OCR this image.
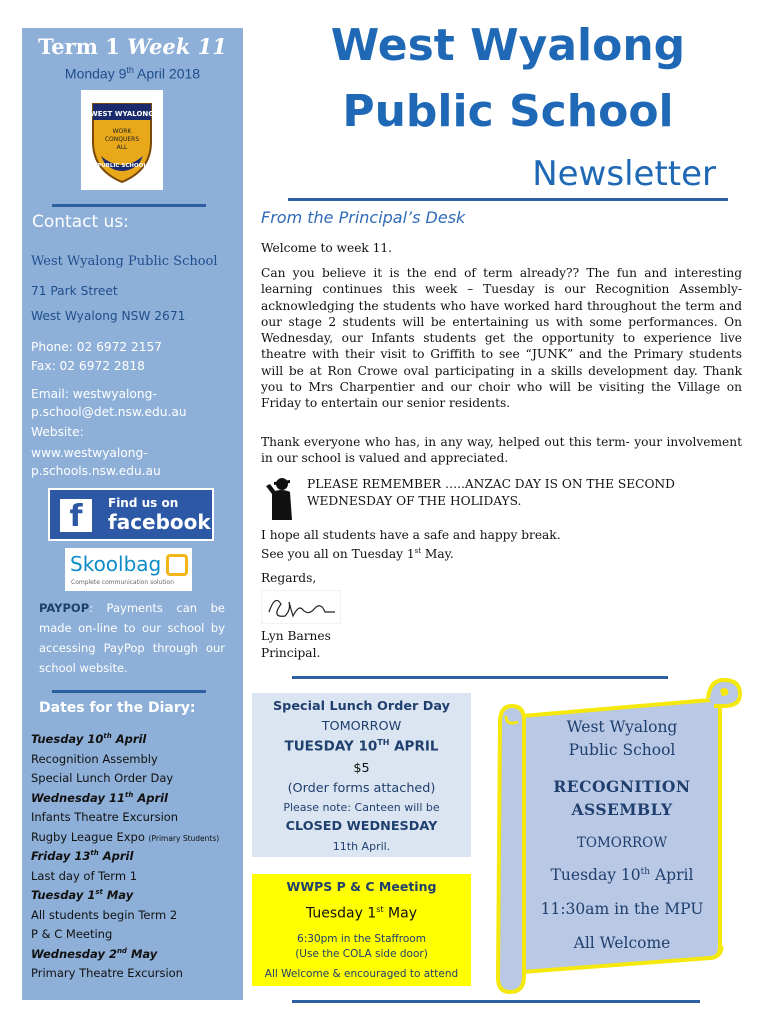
Term 1 Week 11
Monday 9th April 2018
WEST WYALONG
WORK
CONQUERS
ALL
PUBLIC SCHOOL
Contact us:
West Wyalong Public School
71 Park Street
West Wyalong NSW 2671
Phone: 02 6972 2157
Fax: 02 6972 2818
Email: westwyalong-
p.school@det.nsw.edu.au
Website:
www.westwyalong-
p.schools.nsw.edu.au
f	Find us on
facebook
Skoolbag
Complete communication solution
PAYPOP: Payments can be made on-line to our school by accessing PayPop through our school website.
Dates for the Diary:
Tuesday 10th April
Recognition Assembly
Special Lunch Order Day
Wednesday 11th April
Infants Theatre Excursion
Rugby League Expo (Primary Students)
Friday 13th April
Last day of Term 1
Tuesday 1st May
All students begin Term 2
P & C Meeting
Wednesday 2nd May
Primary Theatre Excursion
West Wyalong
Public School
Newsletter
From the Principal’s Desk
Welcome to week 11.
Can you believe it is the end of term already?? The fun and interesting learning continues this week – Tuesday is our Recognition Assembly- acknowledging the students who have worked hard throughout the term and our stage 2 students will be entertaining us with some performances. On Wednesday, our Infants students get the opportunity to experience live theatre with their visit to Griffith to see “JUNK” and the Primary students will be at Ron Crowe oval participating in a skills development day. Thank you to Mrs Charpentier and our choir who will be visiting the Village on Friday to entertain our senior residents.
Thank everyone who has, in any way, helped out this term- your involvement in our school is valued and appreciated.
PLEASE REMEMBER …..ANZAC DAY IS ON THE SECOND WEDNESDAY OF THE HOLIDAYS.
I hope all students have a safe and happy break.
See you all on Tuesday 1st May.
Regards,
Lyn Barnes
Principal.
Special Lunch Order Day
TOMORROW
TUESDAY 10TH APRIL
$5
(Order forms attached)
Please note: Canteen will be
CLOSED WEDNESDAY
11th April.
WWPS P & C Meeting
Tuesday 1st May
6:30pm in the Staffroom
(Use the COLA side door)
All Welcome & encouraged to attend
West Wyalong
Public School
RECOGNITION
ASSEMBLY
TOMORROW
Tuesday 10th April
11:30am in the MPU
All Welcome
